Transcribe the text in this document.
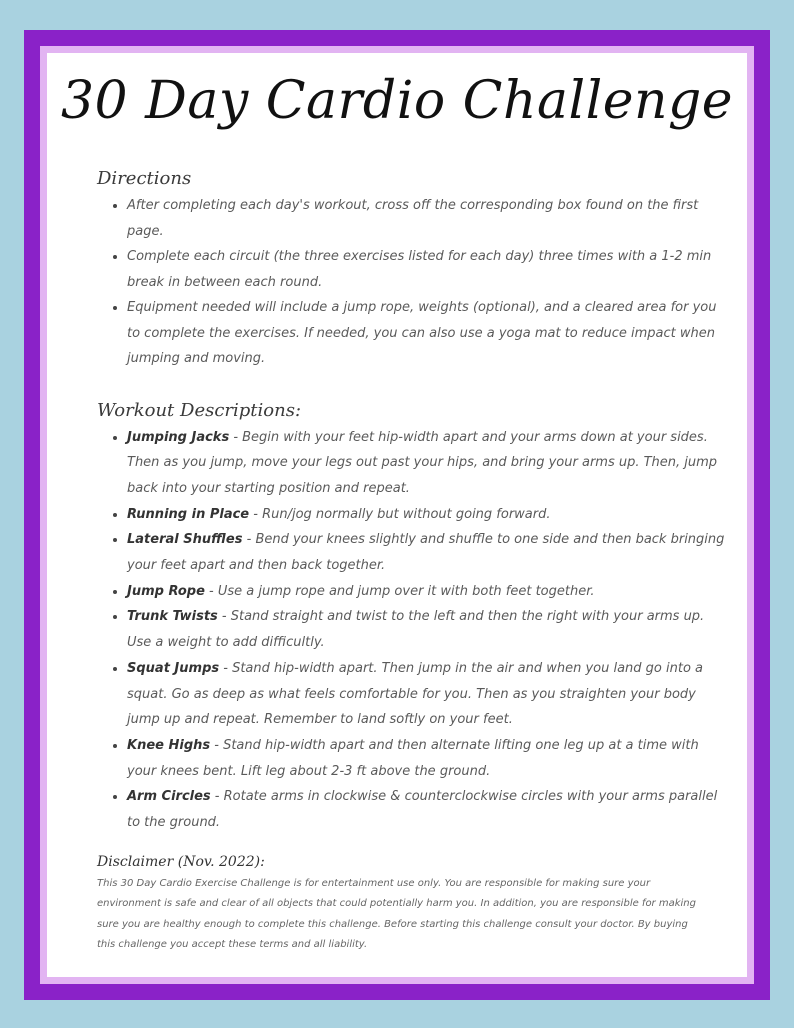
30 Day Cardio Challenge
Directions
• After completing each day's workout, cross off the corresponding box found on the first page.
• Complete each circuit (the three exercises listed for each day) three times with a 1-2 min break in between each round.
• Equipment needed will include a jump rope, weights (optional), and a cleared area for you to complete the exercises. If needed, you can also use a yoga mat to reduce impact when jumping and moving.
Workout Descriptions:
• Jumping Jacks - Begin with your feet hip-width apart and your arms down at your sides. Then as you jump, move your legs out past your hips, and bring your arms up. Then, jump back into your starting position and repeat.
• Running in Place - Run/jog normally but without going forward.
• Lateral Shuffles - Bend your knees slightly and shuffle to one side and then back bringing your feet apart and then back together.
• Jump Rope - Use a jump rope and jump over it with both feet together.
• Trunk Twists - Stand straight and twist to the left and then the right with your arms up. Use a weight to add difficultly.
• Squat Jumps - Stand hip-width apart. Then jump in the air and when you land go into a squat. Go as deep as what feels comfortable for you. Then as you straighten your body jump up and repeat. Remember to land softly on your feet.
• Knee Highs - Stand hip-width apart and then alternate lifting one leg up at a time with your knees bent. Lift leg about 2-3 ft above the ground.
• Arm Circles - Rotate arms in clockwise & counterclockwise circles with your arms parallel to the ground.
Disclaimer (Nov. 2022):

This 30 Day Cardio Exercise Challenge is for entertainment use only. You are responsible for making sure your environment is safe and clear of all objects that could potentially harm you. In addition, you are responsible for making sure you are healthy enough to complete this challenge. Before starting this challenge consult your doctor. By buying this challenge you accept these terms and all liability.
